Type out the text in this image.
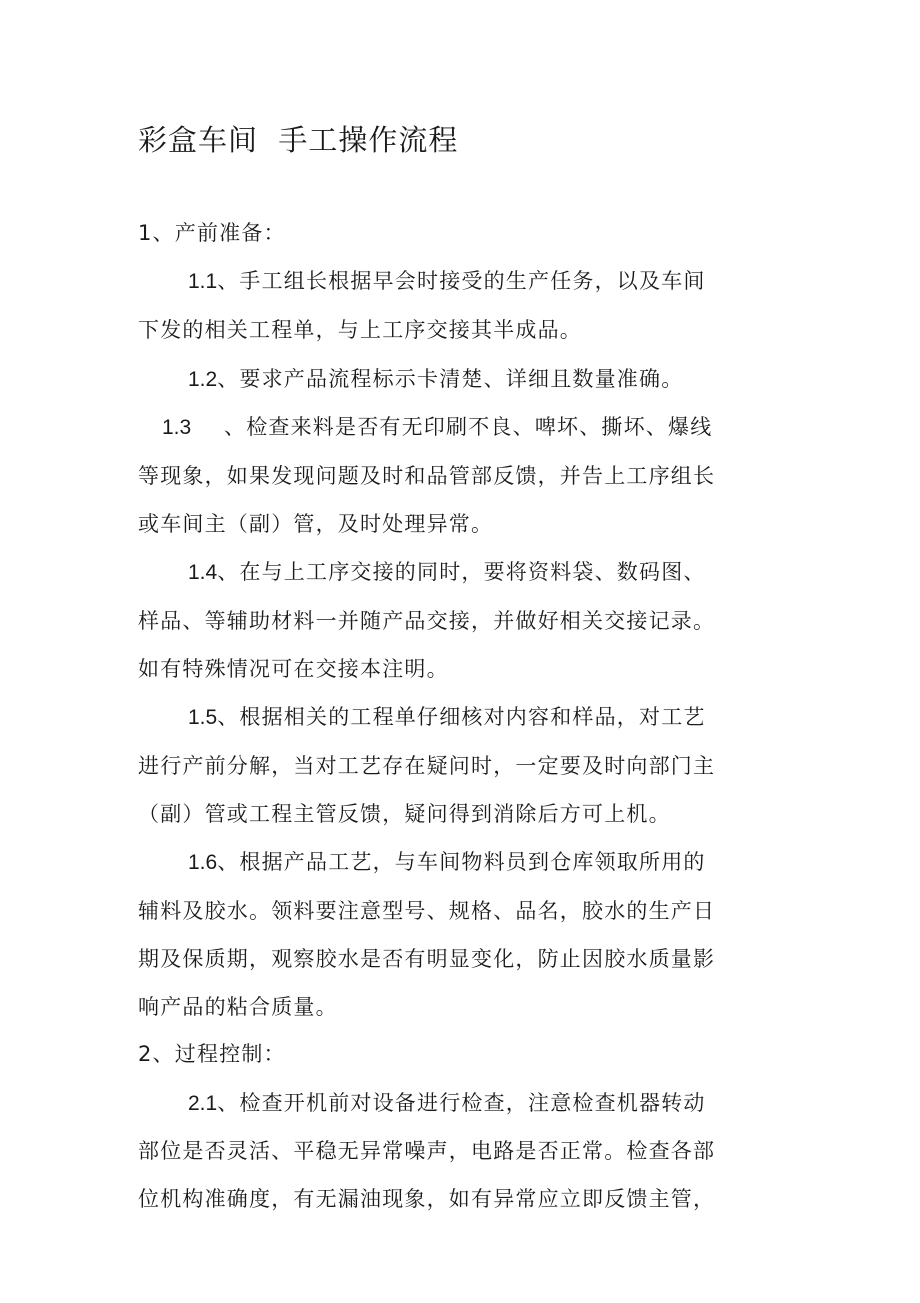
彩盒车间  手工操作流程
1、产前准备：
1.1、手工组长根据早会时接受的生产任务，以及车间
下发的相关工程单，与上工序交接其半成品。
1.2、要求产品流程标示卡清楚、详细且数量准确。
1.3 、检查来料是否有无印刷不良、啤坏、撕坏、爆线
等现象，如果发现问题及时和品管部反馈，并告上工序组长
或车间主（副）管，及时处理异常。
1.4、在与上工序交接的同时，要将资料袋、数码图、
样品、等辅助材料一并随产品交接，并做好相关交接记录。
如有特殊情况可在交接本注明。
1.5、根据相关的工程单仔细核对内容和样品，对工艺
进行产前分解，当对工艺存在疑问时，一定要及时向部门主
（副）管或工程主管反馈，疑问得到消除后方可上机。
1.6、根据产品工艺，与车间物料员到仓库领取所用的
辅料及胶水。领料要注意型号、规格、品名，胶水的生产日
期及保质期，观察胶水是否有明显变化，防止因胶水质量影
响产品的粘合质量。
2、过程控制：
2.1、检查开机前对设备进行检查，注意检查机器转动
部位是否灵活、平稳无异常噪声，电路是否正常。检查各部
位机构准确度，有无漏油现象，如有异常应立即反馈主管，
